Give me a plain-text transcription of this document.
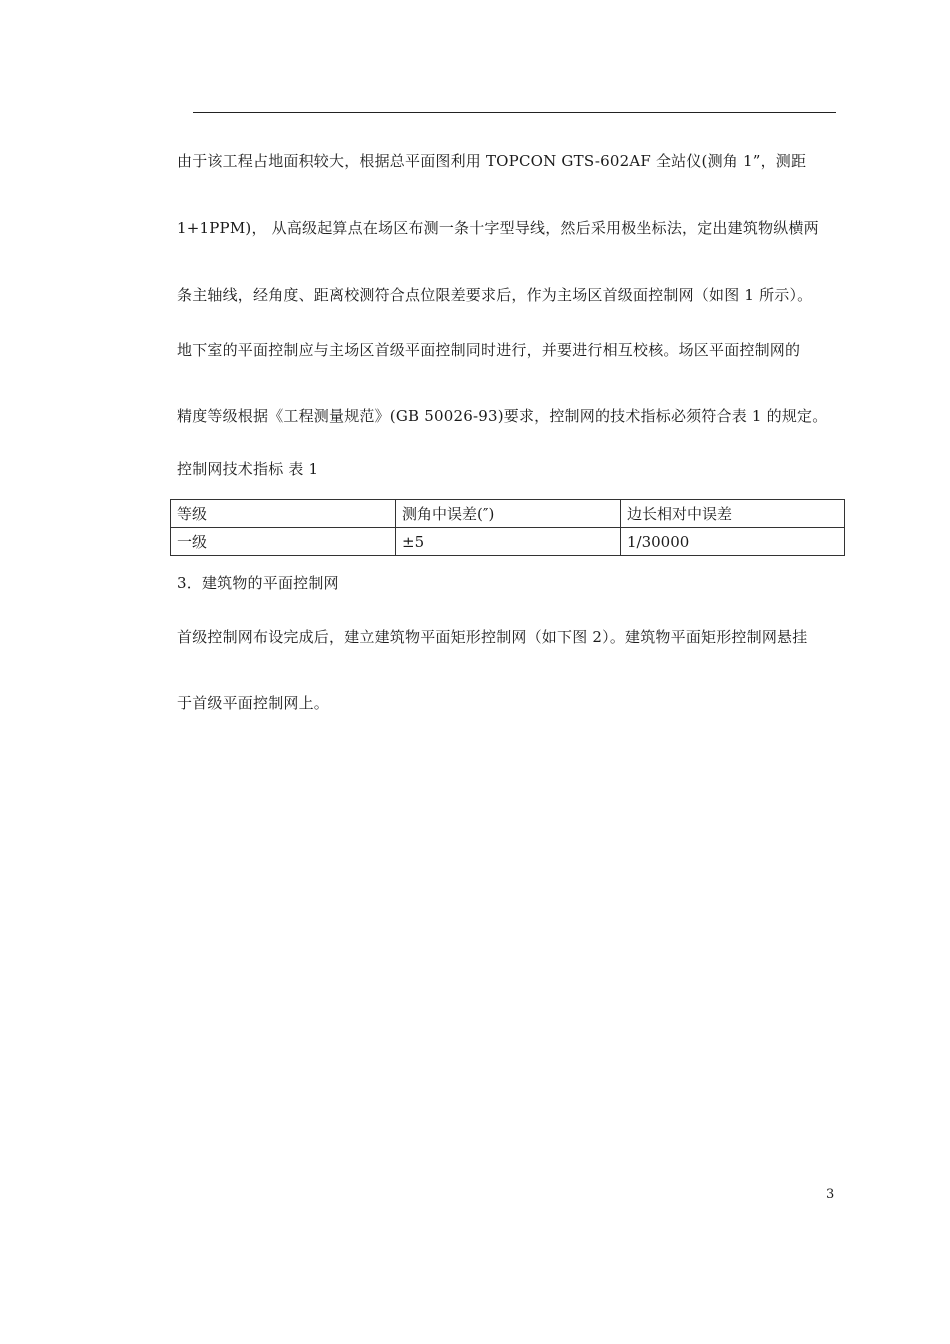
由于该工程占地面积较大，根据总平面图利用 TOPCON GTS-602AF 全站仪(测角 1”，测距
1+1PPM)， 从高级起算点在场区布测一条十字型导线，然后采用极坐标法，定出建筑物纵横两
条主轴线，经角度、距离校测符合点位限差要求后，作为主场区首级面控制网（如图 1 所示）。
地下室的平面控制应与主场区首级平面控制同时进行，并要进行相互校核。场区平面控制网的
精度等级根据《工程测量规范》(GB 50026-93)要求，控制网的技术指标必须符合表 1 的规定。
控制网技术指标 表 1
等级	测角中误差(″)	边长相对中误差
一级	±5	1/30000
3．建筑物的平面控制网
首级控制网布设完成后，建立建筑物平面矩形控制网（如下图 2）。建筑物平面矩形控制网悬挂
于首级平面控制网上。
3
